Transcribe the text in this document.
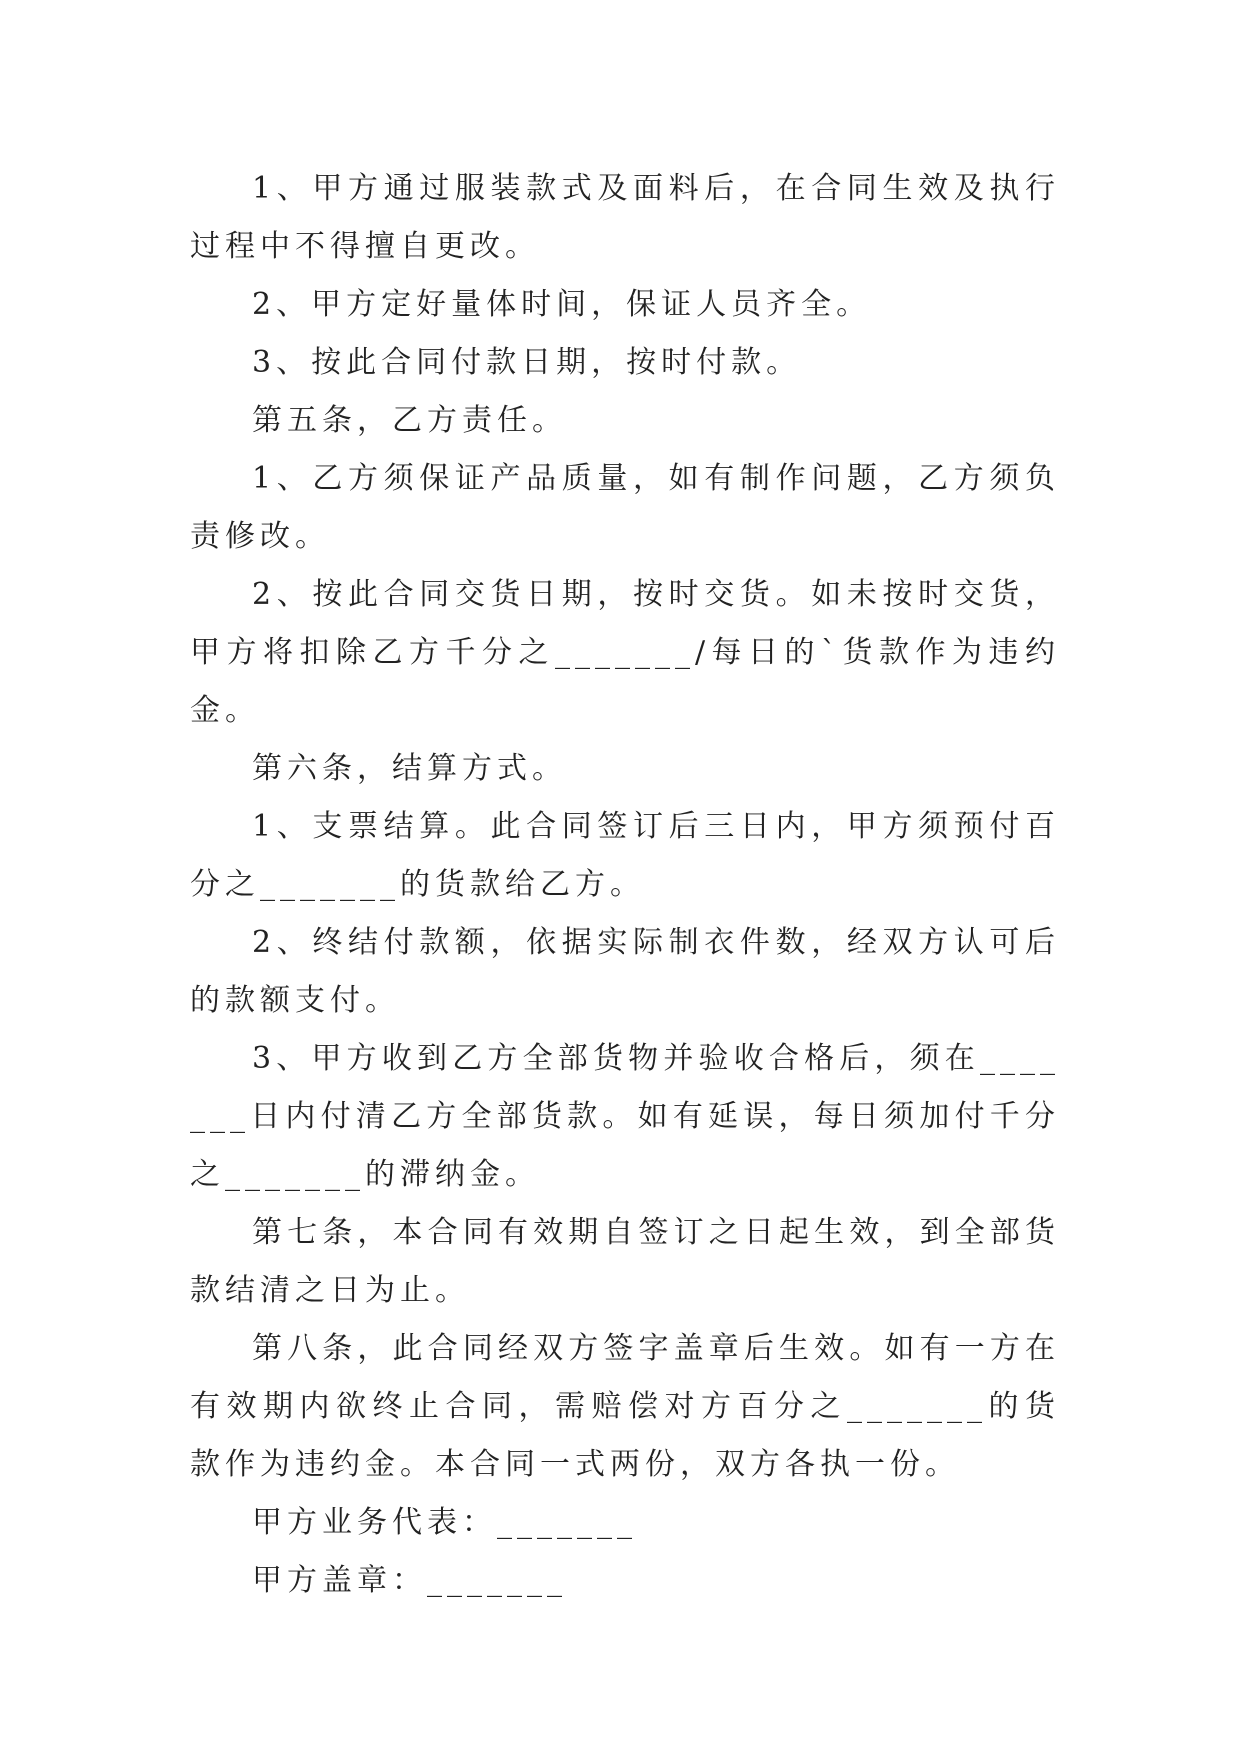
1、甲方通过服装款式及面料后，在合同生效及执行过程中不得擅自更改。

2、甲方定好量体时间，保证人员齐全。

3、按此合同付款日期，按时付款。

第五条，乙方责任。

1、乙方须保证产品质量，如有制作问题，乙方须负责修改。

2、按此合同交货日期，按时交货。如未按时交货，甲方将扣除乙方千分之_______/每日的`货款作为违约金。

第六条，结算方式。

1、支票结算。此合同签订后三日内，甲方须预付百分之_______的货款给乙方。

2、终结付款额，依据实际制衣件数，经双方认可后的款额支付。

3、甲方收到乙方全部货物并验收合格后，须在_______日内付清乙方全部货款。如有延误，每日须加付千分之_______的滞纳金。

第七条，本合同有效期自签订之日起生效，到全部货款结清之日为止。

第八条，此合同经双方签字盖章后生效。如有一方在有效期内欲终止合同，需赔偿对方百分之_______的货款作为违约金。本合同一式两份，双方各执一份。

甲方业务代表：_______

甲方盖章：_______
